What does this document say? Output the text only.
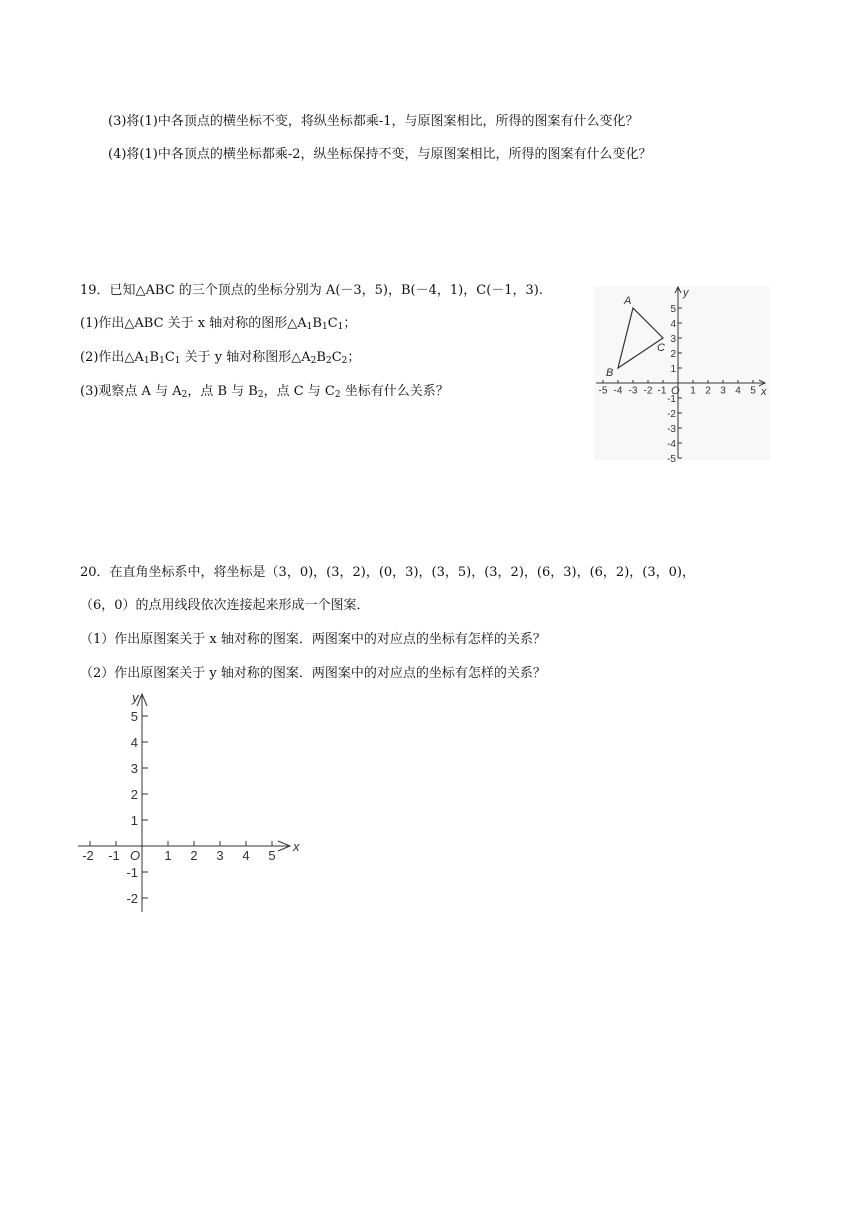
(3)将(1)中各顶点的横坐标不变，将纵坐标都乘-1，与原图案相比，所得的图案有什么变化？
(4)将(1)中各顶点的横坐标都乘-2，纵坐标保持不变，与原图案相比，所得的图案有什么变化？
19．已知△ABC 的三个顶点的坐标分别为 A(－3，5)，B(－4，1)，C(－1，3).
(1)作出△ABC 关于 x 轴对称的图形$\triangle A_1B_1C_1$；
(2)作出$\triangle A_1B_1C_1$ 关于 y 轴对称图形$\triangle A_2B_2C_2$；
(3)观察点 A 与 $A_2$，点 B 与 $B_2$，点 C 与 $C_2$ 坐标有什么关系？	-5 -4 -3 -2 -1 1 2 3 4 5
5
4
3
2
1
-1
-2
-3
-4
-5
O	x
y
A
B
C
20．在直角坐标系中，将坐标是（3，0)，(3，2)，(0，3)，(3，5)，(3，2)，(6，3)，(6，2)，(3，0)，
（6，0）的点用线段依次连接起来形成一个图案．
（1）作出原图案关于 x 轴对称的图案．两图案中的对应点的坐标有怎样的关系？
（2）作出原图案关于 y 轴对称的图案．两图案中的对应点的坐标有怎样的关系？
-2 -1	1 2 3 4 5
5
4
3
2
1
-1
-2
O
x
y
